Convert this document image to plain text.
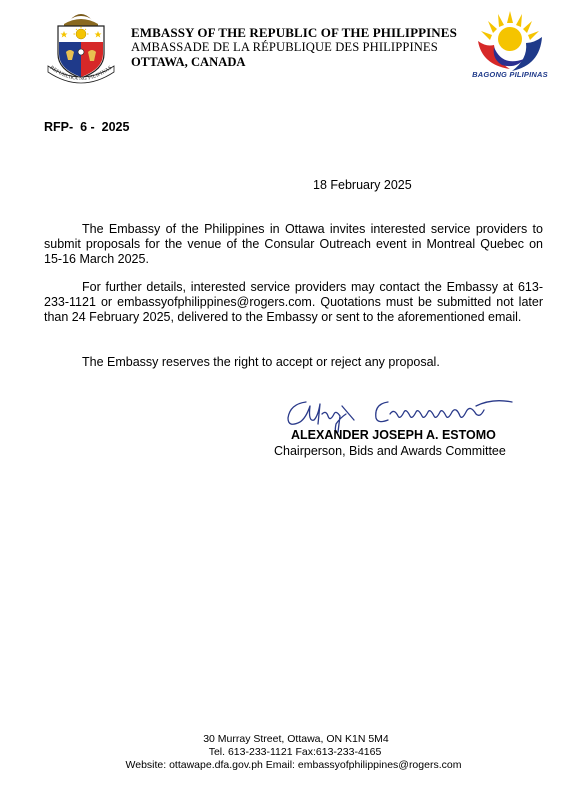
REPUBLIKA NG PILIPINAS
EMBASSY OF THE REPUBLIC OF THE PHILIPPINES
AMBASSADE DE LA RÉPUBLIQUE DES PHILIPPINES
OTTAWA, CANADA
BAGONG PILIPINAS
RFP-  6 -  2025
18 February 2025
The Embassy of the Philippines in Ottawa invites interested service providers to submit proposals for the venue of the Consular Outreach event in Montreal Quebec on 15-16 March 2025.
For further details, interested service providers may contact the Embassy at 613-233-1121 or embassyofphilippines@rogers.com. Quotations must be submitted not later than 24 February 2025, delivered to the Embassy or sent to the aforementioned email.
The Embassy reserves the right to accept or reject any proposal.
ALEXANDER JOSEPH A. ESTOMO
Chairperson, Bids and Awards Committee
30 Murray Street, Ottawa, ON K1N 5M4
Tel. 613-233-1121 Fax:613-233-4165
Website: ottawape.dfa.gov.ph Email: embassyofphilippines@rogers.com
